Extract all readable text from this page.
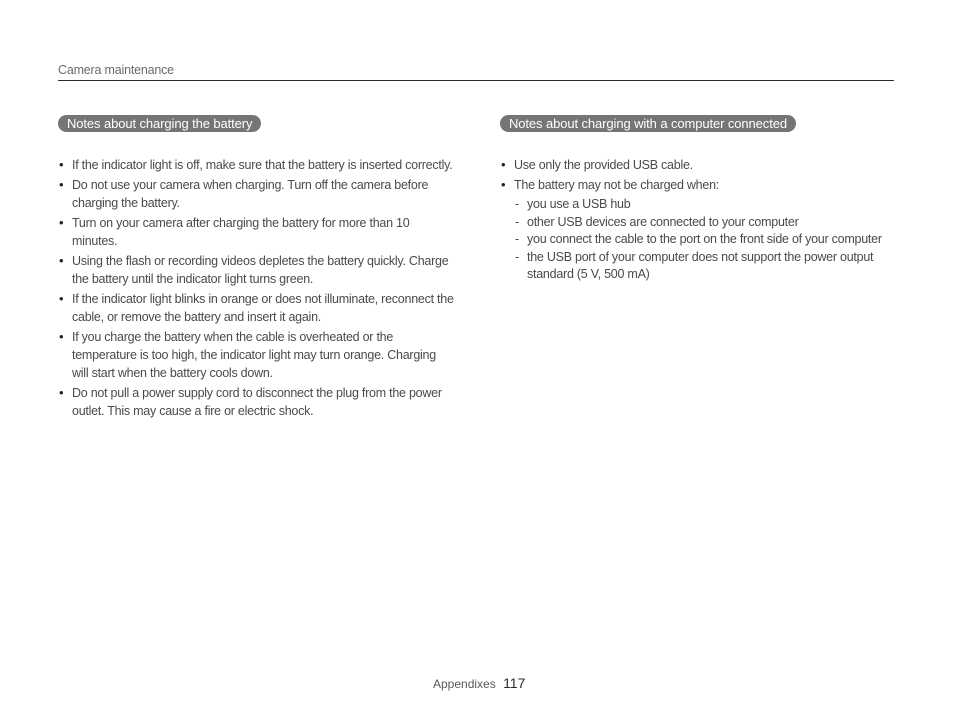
Camera maintenance
Notes about charging the battery
• If the indicator light is off, make sure that the battery is inserted correctly.
• Do not use your camera when charging. Turn off the camera before charging the battery.
• Turn on your camera after charging the battery for more than 10 minutes.
• Using the flash or recording videos depletes the battery quickly. Charge the battery until the indicator light turns green.
• If the indicator light blinks in orange or does not illuminate, reconnect the cable, or remove the battery and insert it again.
• If you charge the battery when the cable is overheated or the temperature is too high, the indicator light may turn orange. Charging will start when the battery cools down.
• Do not pull a power supply cord to disconnect the plug from the power outlet. This may cause a fire or electric shock.
Notes about charging with a computer connected
• Use only the provided USB cable.
• The battery may not be charged when:
- you use a USB hub
- other USB devices are connected to your computer
- you connect the cable to the port on the front side of your computer
- the USB port of your computer does not support the power output standard (5 V, 500 mA)
Appendixes 117
